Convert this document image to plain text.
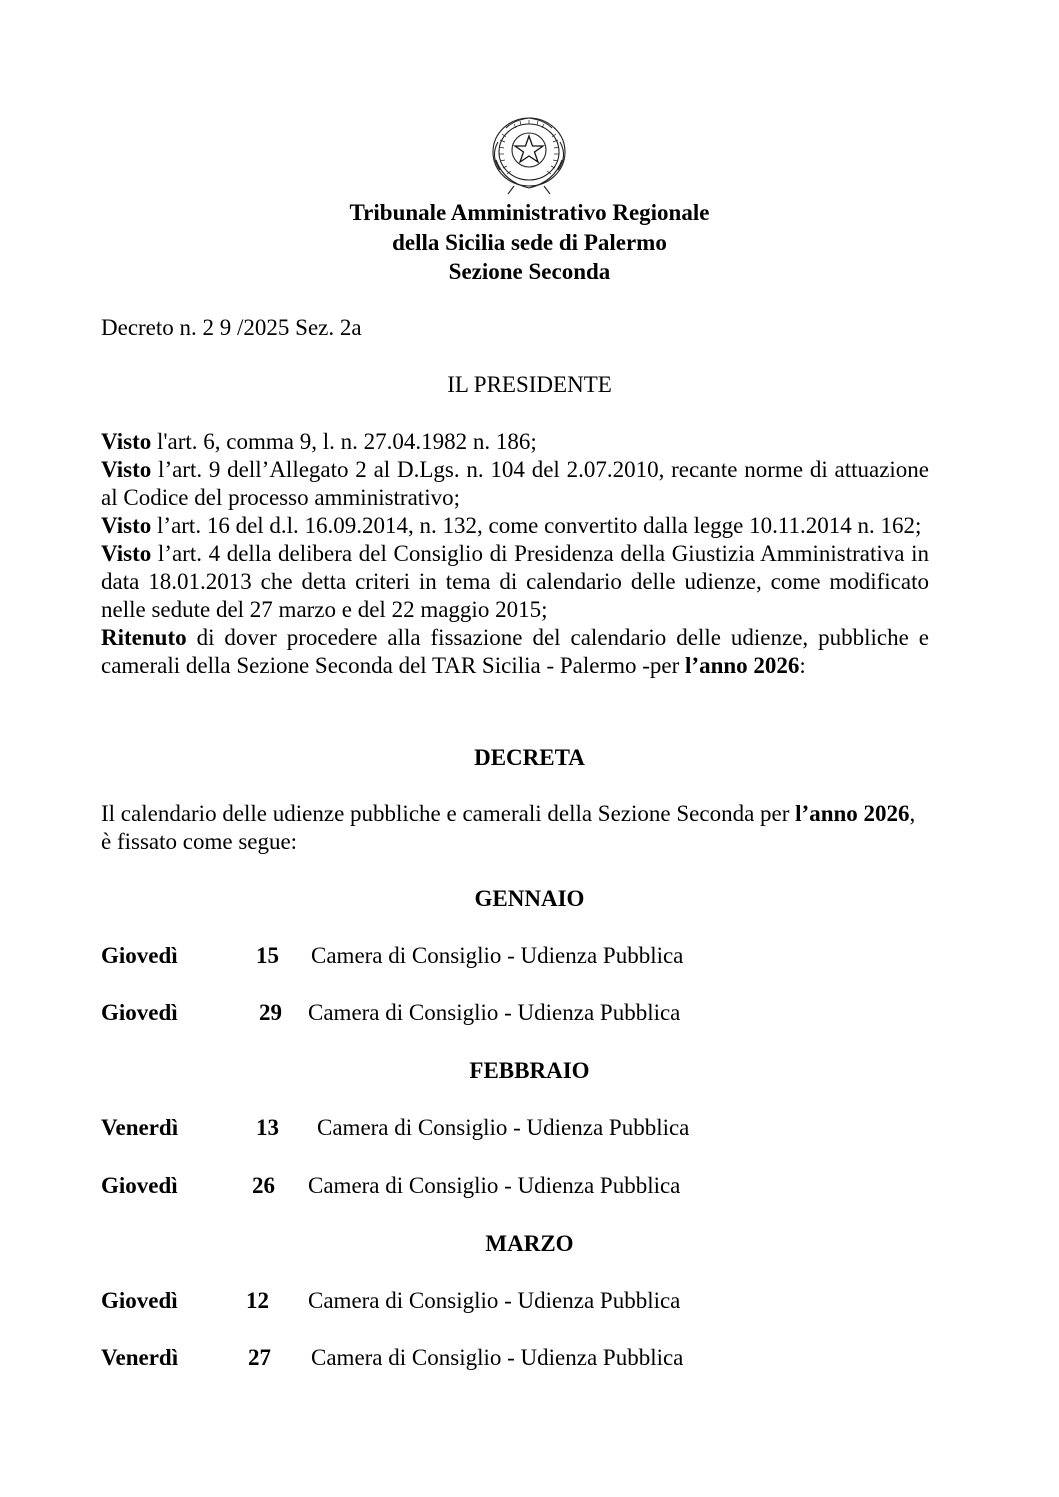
Tribunale Amministrativo Regionale
della Sicilia sede di Palermo
Sezione Seconda
Decreto n. 2 9 /2025 Sez. 2a
IL PRESIDENTE

Visto l'art. 6, comma 9, l. n. 27.04.1982 n. 186;

Visto l’art. 9 dell’Allegato 2 al D.Lgs. n. 104 del 2.07.2010, recante norme di attuazione al Codice del processo amministrativo;

Visto l’art. 16 del d.l. 16.09.2014, n. 132, come convertito dalla legge 10.11.2014 n. 162;

Visto l’art. 4 della delibera del Consiglio di Presidenza della Giustizia Amministrativa in data 18.01.2013 che detta criteri in tema di calendario delle udienze, come modificato nelle sedute del 27 marzo e del 22 maggio 2015;

Ritenuto di dover procedere alla fissazione del calendario delle udienze, pubbliche e camerali della Sezione Seconda del TAR Sicilia - Palermo -per l’anno 2026:

DECRETA
Il calendario delle udienze pubbliche e camerali della Sezione Seconda per l’anno 2026, è fissato come segue:
GENNAIO
Giovedì	15 Camera di Consiglio - Udienza Pubblica
Giovedì	29 Camera di Consiglio - Udienza Pubblica
FEBBRAIO
Venerdì	13 Camera di Consiglio - Udienza Pubblica
Giovedì	26 Camera di Consiglio - Udienza Pubblica
MARZO
Giovedì	12 Camera di Consiglio - Udienza Pubblica
Venerdì	27 Camera di Consiglio - Udienza Pubblica
